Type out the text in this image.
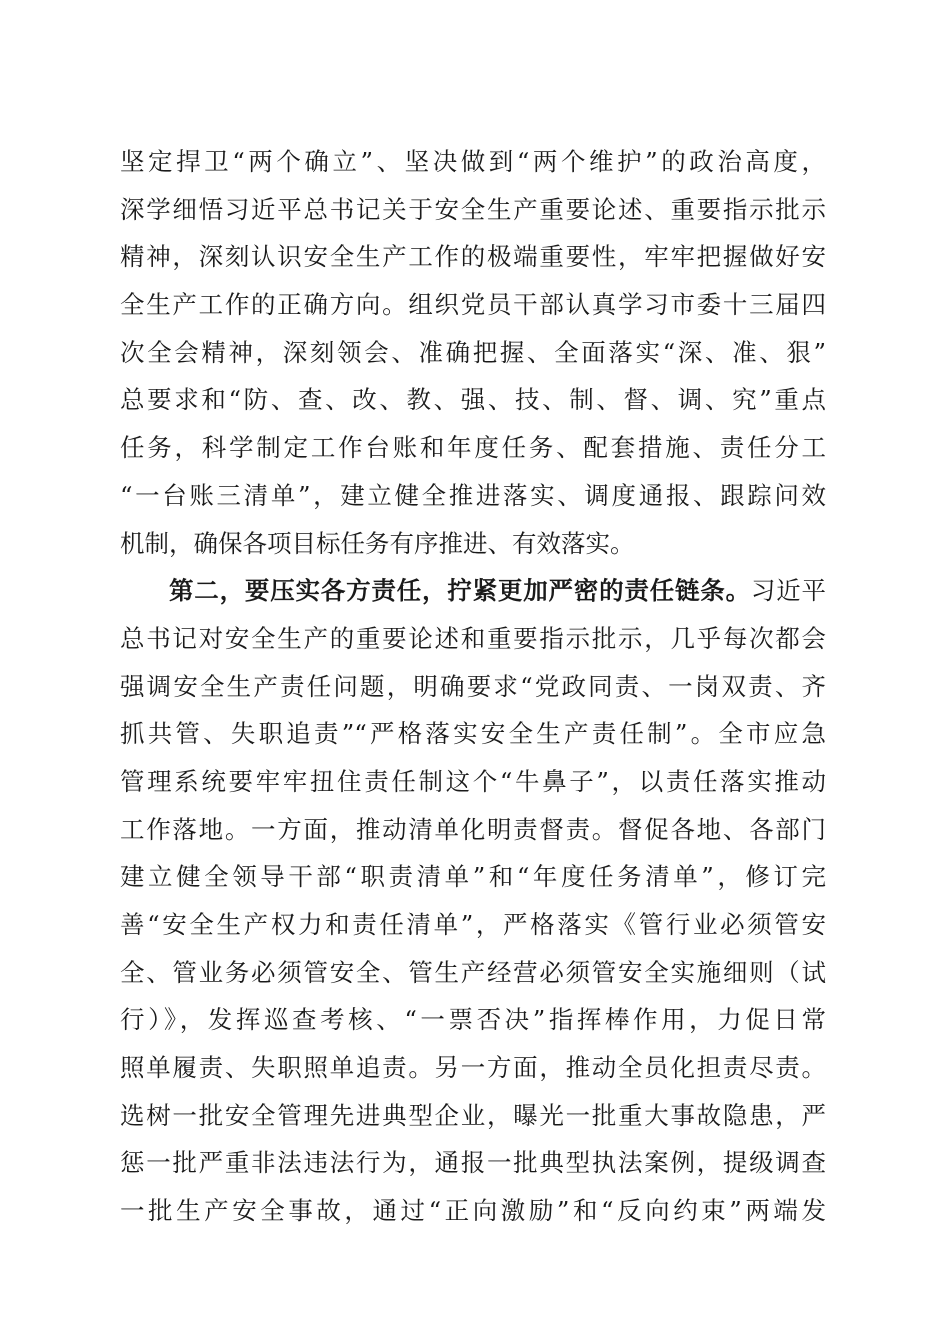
坚定捍卫“两个确立”、坚决做到“两个维护”的政治高度，
深学细悟习近平总书记关于安全生产重要论述、重要指示批示
精神，深刻认识安全生产工作的极端重要性，牢牢把握做好安
全生产工作的正确方向。组织党员干部认真学习市委十三届四
次全会精神，深刻领会、准确把握、全面落实“深、准、狠”
总要求和“防、查、改、教、强、技、制、督、调、究”重点
任务，科学制定工作台账和年度任务、配套措施、责任分工
“一台账三清单”，建立健全推进落实、调度通报、跟踪问效
机制，确保各项目标任务有序推进、有效落实。
第二，要压实各方责任，拧紧更加严密的责任链条。习近平
总书记对安全生产的重要论述和重要指示批示，几乎每次都会
强调安全生产责任问题，明确要求“党政同责、一岗双责、齐
抓共管、失职追责”“严格落实安全生产责任制”。全市应急
管理系统要牢牢扭住责任制这个“牛鼻子”，以责任落实推动
工作落地。一方面，推动清单化明责督责。督促各地、各部门
建立健全领导干部“职责清单”和“年度任务清单”，修订完
善“安全生产权力和责任清单”，严格落实《管行业必须管安
全、管业务必须管安全、管生产经营必须管安全实施细则（试
行）》，发挥巡查考核、“一票否决”指挥棒作用，力促日常
照单履责、失职照单追责。另一方面，推动全员化担责尽责。
选树一批安全管理先进典型企业，曝光一批重大事故隐患，严
惩一批严重非法违法行为，通报一批典型执法案例，提级调查
一批生产安全事故，通过“正向激励”和“反向约束”两端发
